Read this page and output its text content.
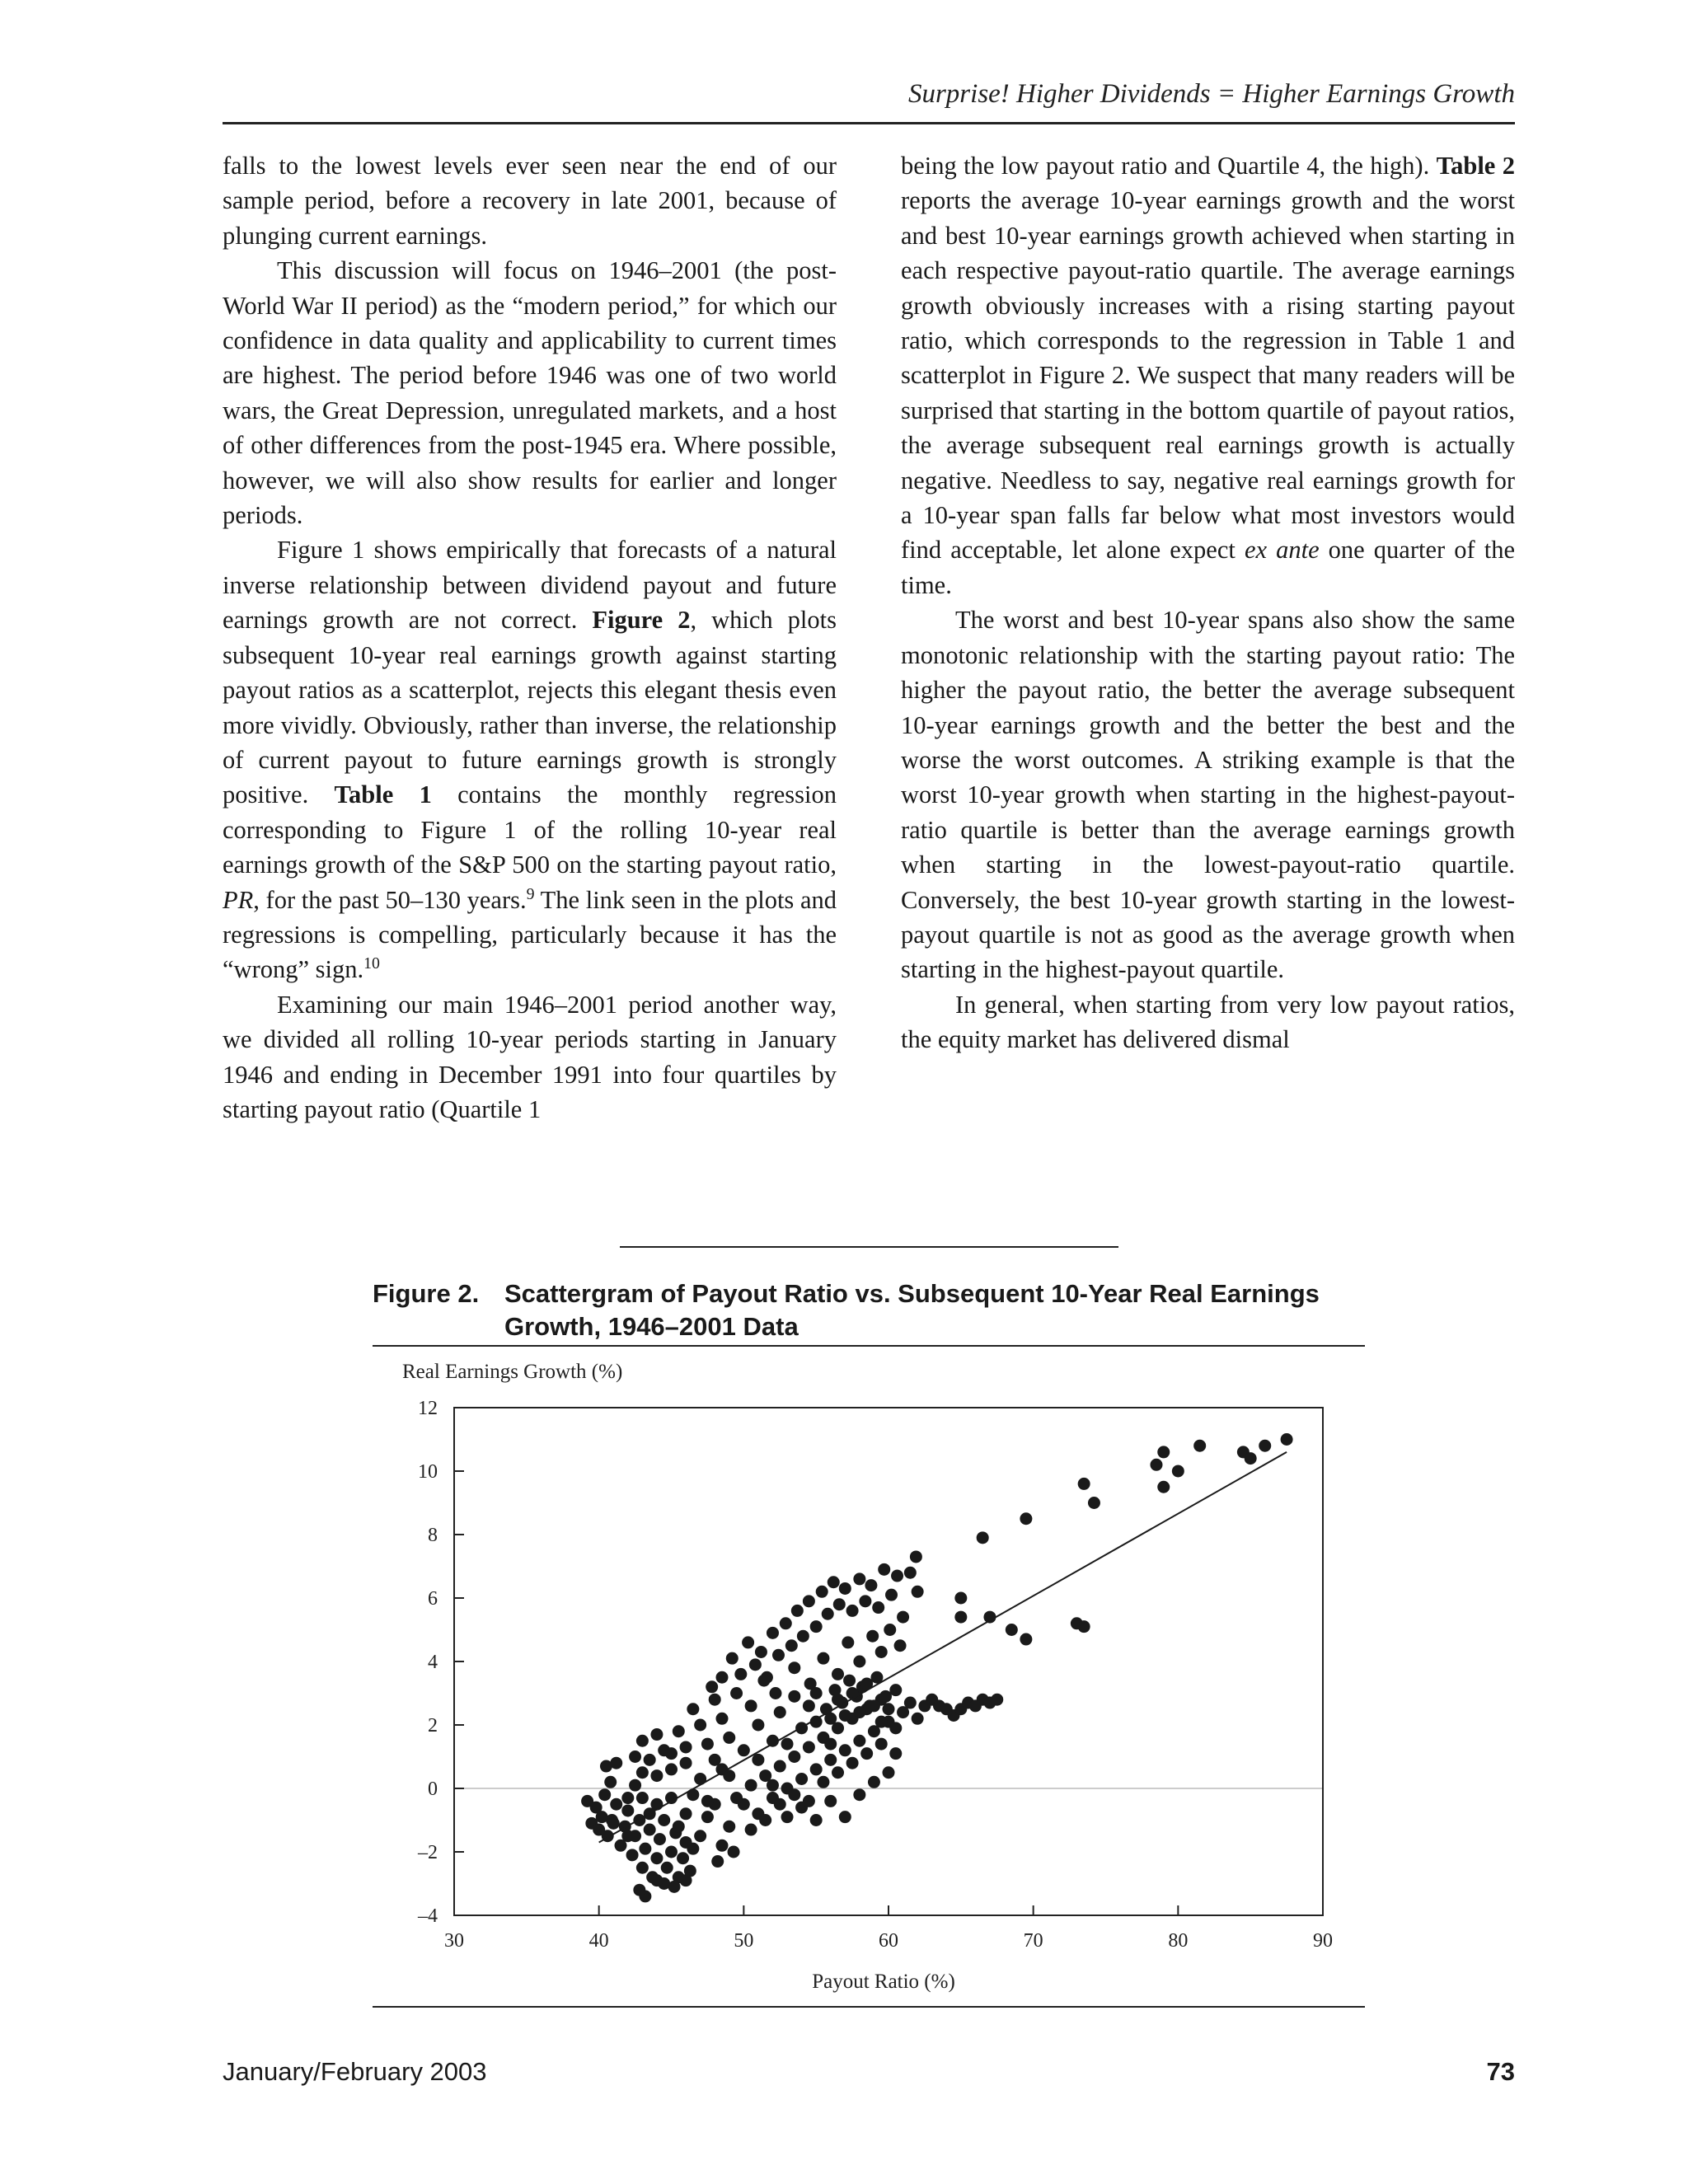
Surprise! Higher Dividends = Higher Earnings Growth

falls to the lowest levels ever seen near the end of our sample period, before a recovery in late 2001, because of plunging current earnings.

This discussion will focus on 1946–2001 (the post-World War II period) as the “modern period,” for which our confidence in data quality and applicability to current times are highest. The period before 1946 was one of two world wars, the Great Depression, unregulated markets, and a host of other differences from the post-1945 era. Where possible, however, we will also show results for earlier and longer periods.

Figure 1 shows empirically that forecasts of a natural inverse relationship between dividend payout and future earnings growth are not correct. Figure 2, which plots subsequent 10-year real earnings growth against starting payout ratios as a scatterplot, rejects this elegant thesis even more vividly. Obviously, rather than inverse, the relationship of current payout to future earnings growth is strongly positive. Table 1 contains the monthly regression corresponding to Figure 1 of the rolling 10-year real earnings growth of the S&P 500 on the starting payout ratio, PR, for the past 50–130 years.$^9$ The link seen in the plots and regressions is compelling, particularly because it has the “wrong” sign.$^{10}$

Examining our main 1946–2001 period another way, we divided all rolling 10-year periods starting in January 1946 and ending in December 1991 into four quartiles by starting payout ratio (Quartile 1

being the low payout ratio and Quartile 4, the high). Table 2 reports the average 10-year earnings growth and the worst and best 10-year earnings growth achieved when starting in each respective payout-ratio quartile. The average earnings growth obviously increases with a rising starting payout ratio, which corresponds to the regression in Table 1 and scatterplot in Figure 2. We suspect that many readers will be surprised that starting in the bottom quartile of payout ratios, the average subsequent real earnings growth is actually negative. Needless to say, negative real earnings growth for a 10-year span falls far below what most investors would find acceptable, let alone expect ex ante one quarter of the time.

The worst and best 10-year spans also show the same monotonic relationship with the starting payout ratio: The higher the payout ratio, the better the average subsequent 10-year earnings growth and the better the best and the worse the worst outcomes. A striking example is that the worst 10-year growth when starting in the highest-payout-ratio quartile is better than the average earnings growth when starting in the lowest-payout-ratio quartile. Conversely, the best 10-year growth starting in the lowest-payout quartile is not as good as the average growth when starting in the highest-payout quartile.

In general, when starting from very low payout ratios, the equity market has delivered dismal

Figure 2. Scattergram of Payout Ratio vs. Subsequent 10-Year Real Earnings
Growth, 1946–2001 Data
Real Earnings Growth (%)
12
10
8
6
4
2
0
–2
–4
30	40	50	60	70	80	90
Payout Ratio (%)
January/February 2003	73
